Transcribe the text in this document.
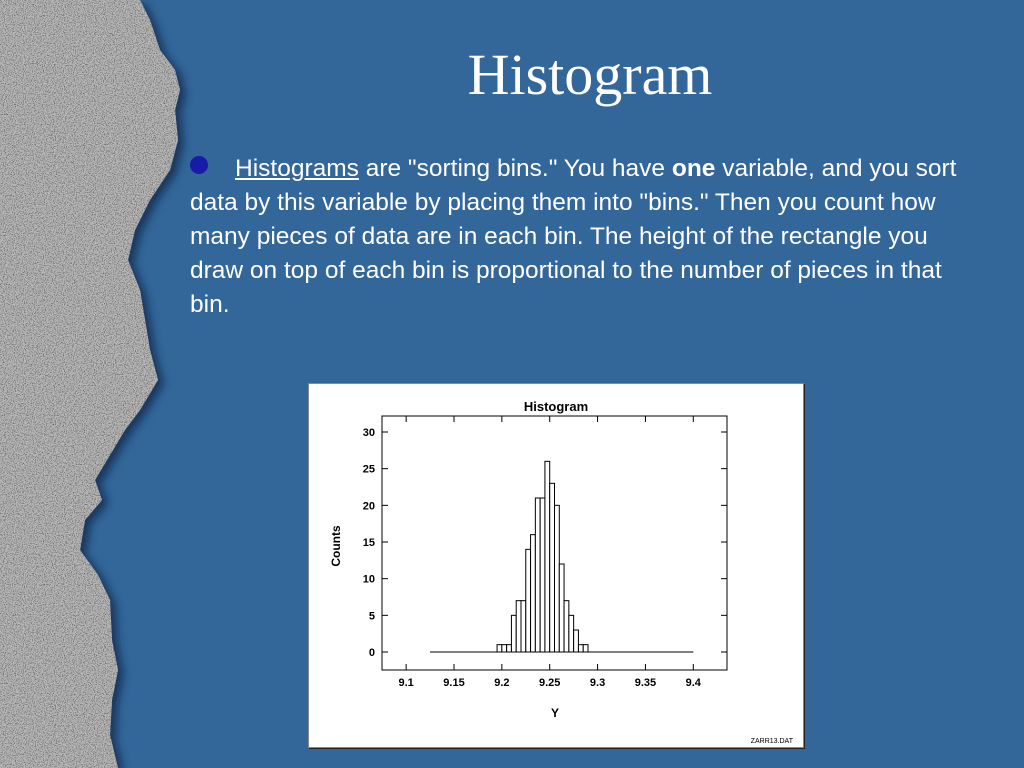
Histogram
Histograms are "sorting bins." You have one variable, and you sort data by this variable by placing them into "bins." Then you count how many pieces of data are in each bin. The height of the rectangle you draw on top of each bin is proportional to the number of pieces in that bin.
Histogram
0
5
10
15
20
25
30
9.1	9.15	9.2	9.25	9.3	9.35	9.4
Counts
Y
ZARR13.DAT
